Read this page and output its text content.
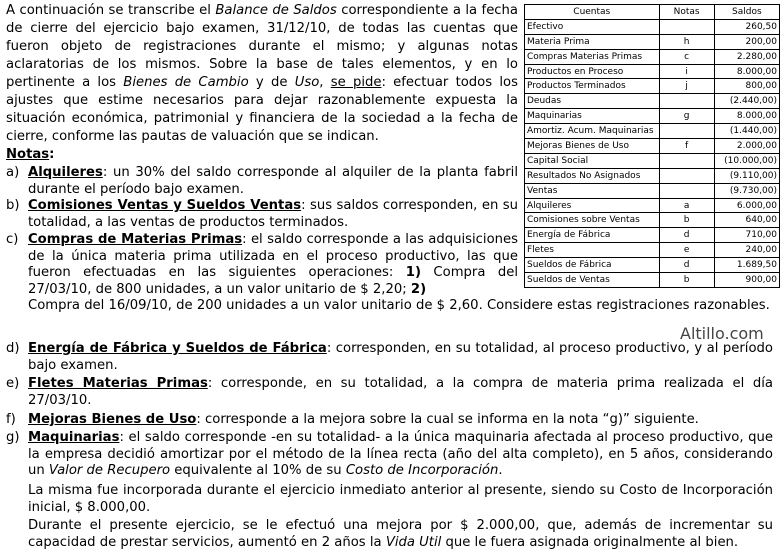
A continuación se transcribe el Balance de Saldos correspondiente a la fecha de cierre del ejercicio bajo examen, 31/12/10, de todas las cuentas que fueron objeto de registraciones durante el mismo; y algunas notas aclaratorias de los mismos. Sobre la base de tales elementos, y en lo pertinente a los Bienes de Cambio y de Uso, se pide: efectuar todos los ajustes que estime necesarios para dejar razonablemente expuesta la situación económica, patrimonial y financiera de la sociedad a la fecha de cierre, conforme las pautas de valuación que se indican.
Notas:
a) Alquileres: un 30% del saldo corresponde al alquiler de la planta fabril durante el período bajo examen.
b) Comisiones Ventas y Sueldos Ventas: sus saldos corresponden, en su totalidad, a las ventas de productos terminados.
c) Compras de Materias Primas: el saldo corresponde a las adquisiciones de la única materia prima utilizada en el proceso productivo, las que fueron efectuadas en las siguientes operaciones: 1) Compra del 27/03/10, de 800 unidades, a un valor unitario de $ 2,20; 2)
Compra del 16/09/10, de 200 unidades a un valor unitario de $ 2,60. Considere estas registraciones razonables.
d) Energía de Fábrica y Sueldos de Fábrica: corresponden, en su totalidad, al proceso productivo, y al período bajo examen.
e) Fletes Materias Primas: corresponde, en su totalidad, a la compra de materia prima realizada el día 27/03/10.
f) Mejoras Bienes de Uso: corresponde a la mejora sobre la cual se informa en la nota “g)” siguiente.
g) Maquinarias: el saldo corresponde -en su totalidad- a la única maquinaria afectada al proceso productivo, que la empresa decidió amortizar por el método de la línea recta (año del alta completo), en 5 años, considerando un Valor de Recupero equivalente al 10% de su Costo de Incorporación.
La misma fue incorporada durante el ejercicio inmediato anterior al presente, siendo su Costo de Incorporación inicial, $ 8.000,00.
Durante el presente ejercicio, se le efectuó una mejora por $ 2.000,00, que, además de incrementar su capacidad de prestar servicios, aumentó en 2 años la Vida Util que le fuera asignada originalmente al bien.
Cuentas	Notas	Saldos
Efectivo		260,50
Materia Prima	h	200,00
Compras Materias Primas	c	2.280,00
Productos en Proceso	i	8.000,00
Productos Terminados	j	800,00
Deudas		(2.440,00)
Maquinarias	g	8.000,00
Amortiz. Acum. Maquinarias		(1.440,00)
Mejoras Bienes de Uso	f	2.000,00
Capital Social		(10.000,00)
Resultados No Asignados		(9.110,00)
Ventas		(9.730,00)
Alquileres	a	6.000,00
Comisiones sobre Ventas	b	640,00
Energía de Fábrica	d	710,00
Fletes	e	240,00
Sueldos de Fábrica	d	1.689,50
Sueldos de Ventas	b	900,00
Altillo.com
